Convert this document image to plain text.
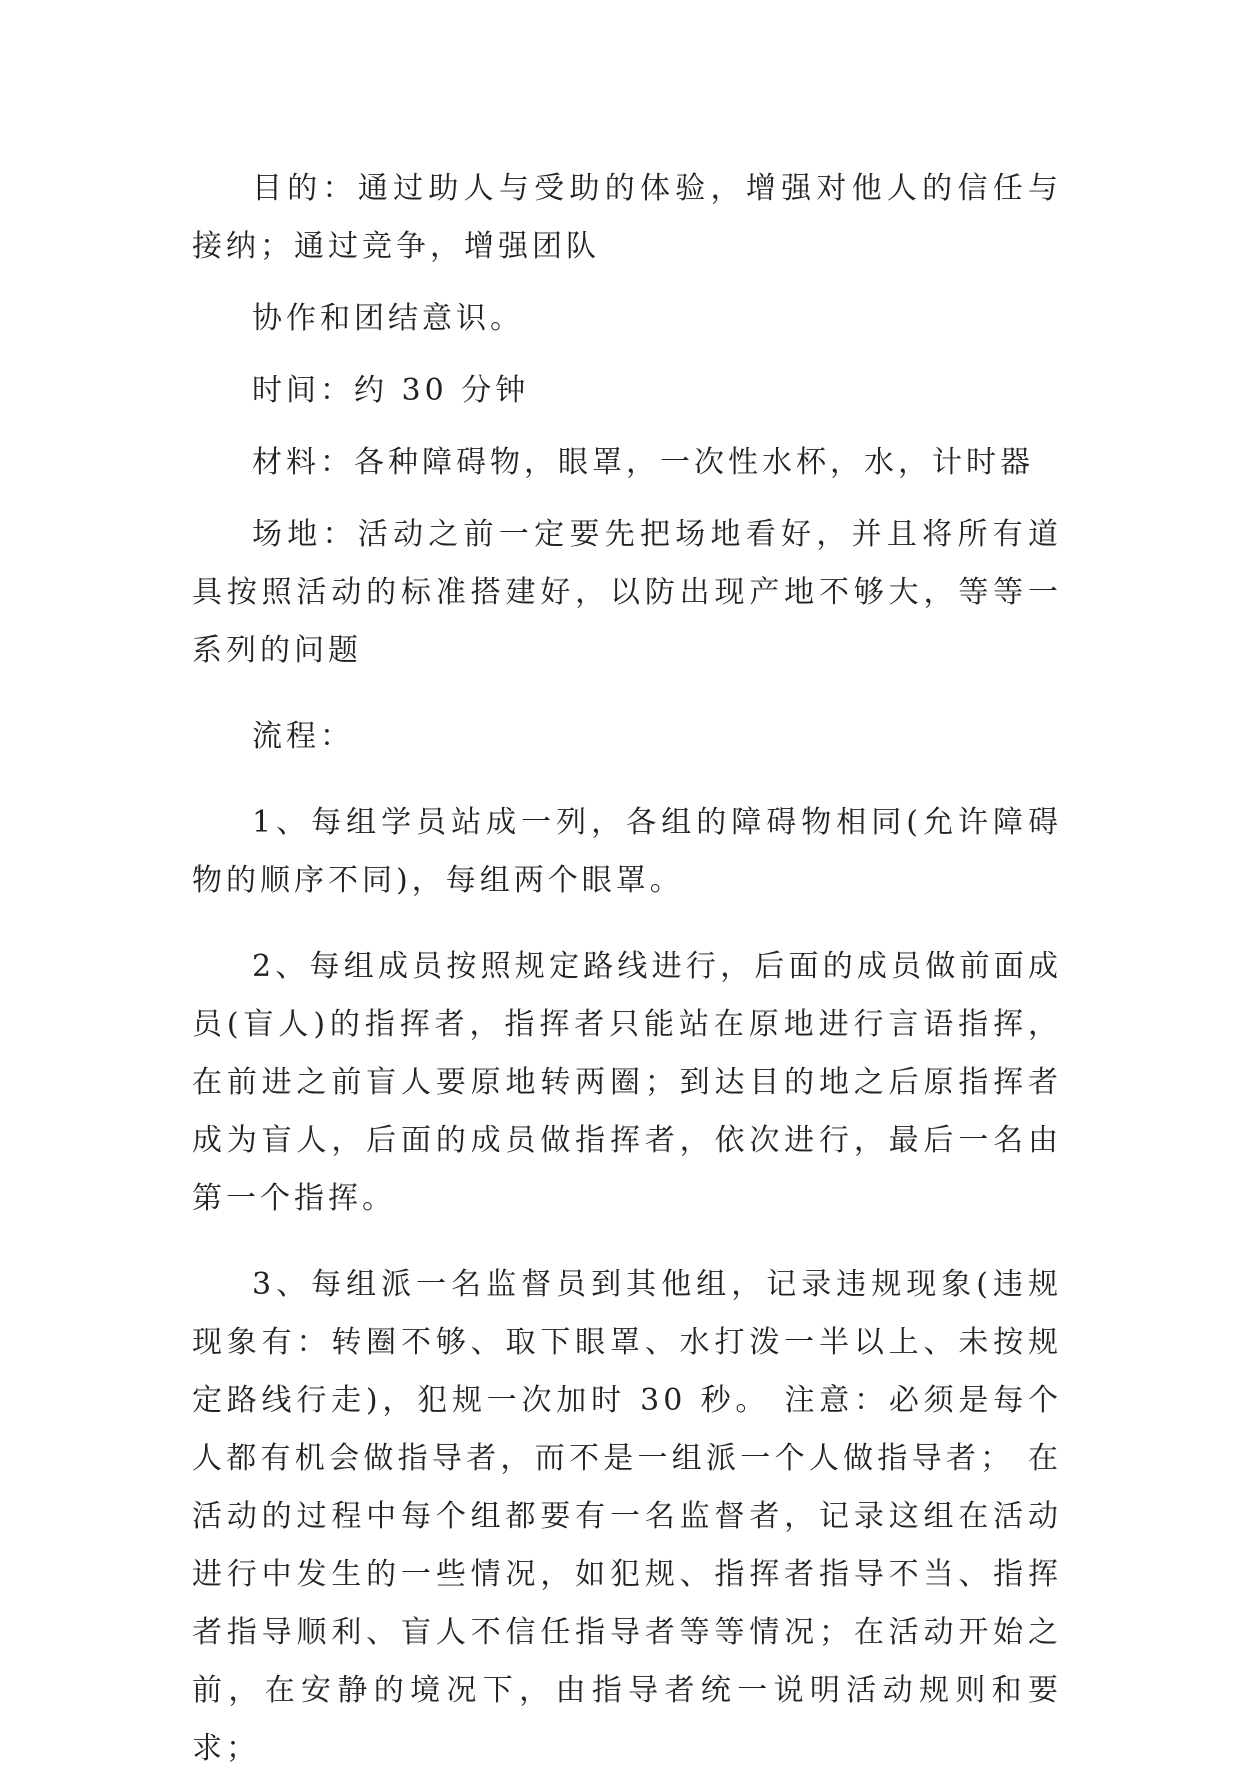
目的：通过助人与受助的体验，增强对他人的信任与接纳；通过竞争，增强团队

协作和团结意识。

时间：约 30 分钟

材料：各种障碍物，眼罩，一次性水杯，水，计时器

场地：活动之前一定要先把场地看好，并且将所有道具按照活动的标准搭建好，以防出现产地不够大，等等一系列的问题

流程：

1、每组学员站成一列，各组的障碍物相同(允许障碍物的顺序不同)，每组两个眼罩。

2、每组成员按照规定路线进行，后面的成员做前面成员(盲人)的指挥者，指挥者只能站在原地进行言语指挥，在前进之前盲人要原地转两圈；到达目的地之后原指挥者成为盲人，后面的成员做指挥者，依次进行，最后一名由第一个指挥。

3、每组派一名监督员到其他组，记录违规现象(违规现象有：转圈不够、取下眼罩、水打泼一半以上、未按规定路线行走)，犯规一次加时 30 秒。 注意：必须是每个人都有机会做指导者，而不是一组派一个人做指导者； 在活动的过程中每个组都要有一名监督者，记录这组在活动进行中发生的一些情况，如犯规、指挥者指导不当、指挥者指导顺利、盲人不信任指导者等等情况；在活动开始之前，在安静的境况下，由指导者统一说明活动规则和要求；
